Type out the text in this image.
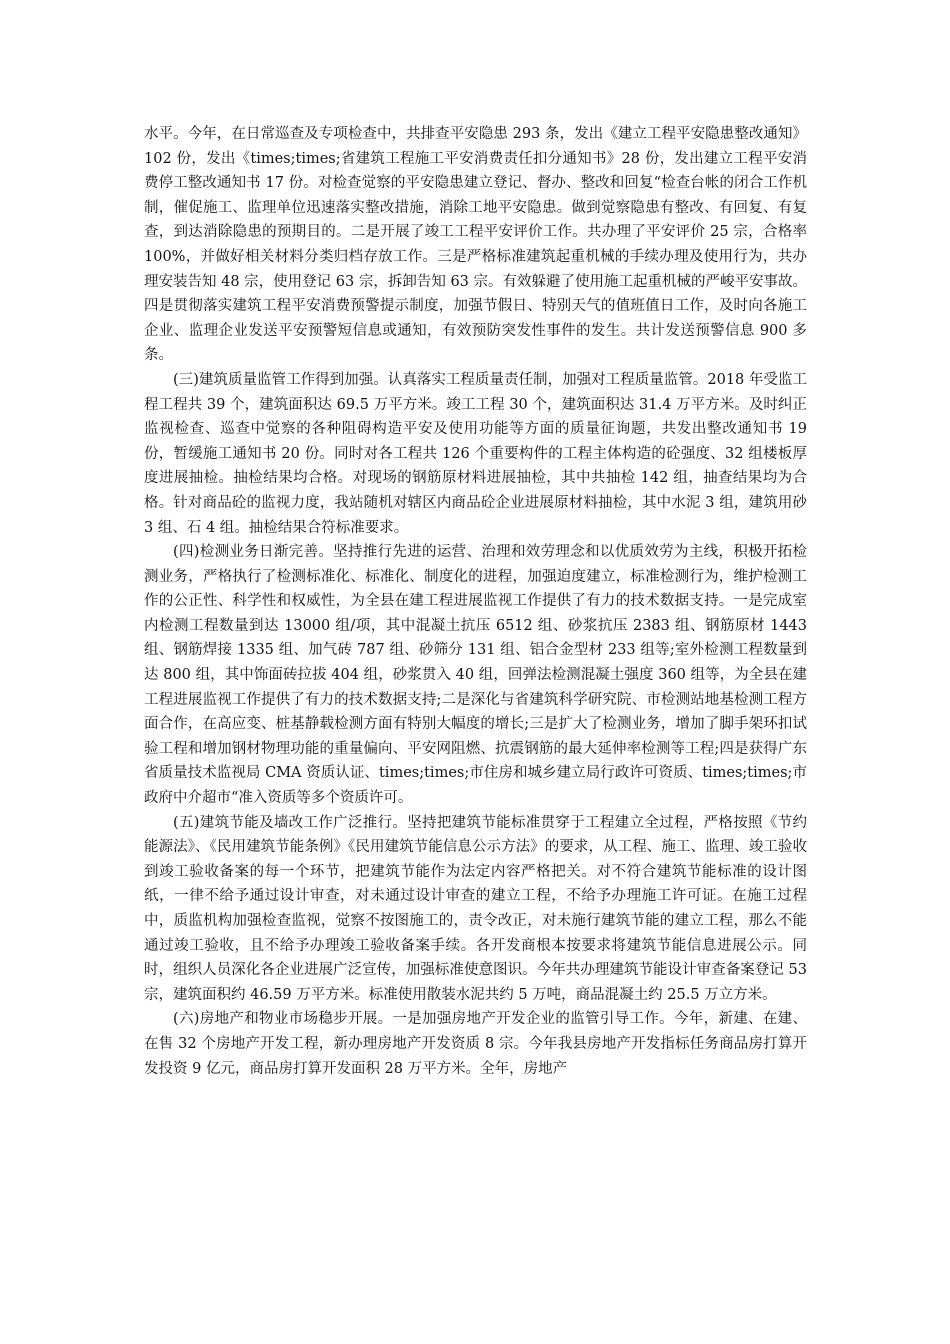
水平。今年，在日常巡查及专项检查中，共排查平安隐患 293 条，发出《建立工程平安隐患整改通知》102 份，发出《times;times;省建筑工程施工平安消费责任扣分通知书》28 份，发出建立工程平安消费停工整改通知书 17 份。对检查觉察的平安隐患建立登记、督办、整改和回复“检查台帐的闭合工作机制，催促施工、监理单位迅速落实整改措施，消除工地平安隐患。做到觉察隐患有整改、有回复、有复查，到达消除隐患的预期目的。二是开展了竣工工程平安评价工作。共办理了平安评价 25 宗，合格率 100%，并做好相关材料分类归档存放工作。三是严格标准建筑起重机械的手续办理及使用行为，共办理安装告知 48 宗，使用登记 63 宗，拆卸告知 63 宗。有效躲避了使用施工起重机械的严峻平安事故。四是贯彻落实建筑工程平安消费预警提示制度，加强节假日、特别天气的值班值日工作，及时向各施工企业、监理企业发送平安预警短信息或通知，有效预防突发性事件的发生。共计发送预警信息 900 多条。

(三)建筑质量监管工作得到加强。认真落实工程质量责任制，加强对工程质量监管。2018 年受监工程工程共 39 个，建筑面积达 69.5 万平方米。竣工工程 30 个，建筑面积达 31.4 万平方米。及时纠正监视检查、巡查中觉察的各种阻碍构造平安及使用功能等方面的质量征询题，共发出整改通知书 19 份，暂缓施工通知书 20 份。同时对各工程共 126 个重要构件的工程主体构造的砼强度、32 组楼板厚度进展抽检。抽检结果均合格。对现场的钢筋原材料进展抽检，其中共抽检 142 组，抽查结果均为合格。针对商品砼的监视力度，我站随机对辖区内商品砼企业进展原材料抽检，其中水泥 3 组，建筑用砂 3 组、石 4 组。抽检结果合符标准要求。

(四)检测业务日渐完善。坚持推行先进的运营、治理和效劳理念和以优质效劳为主线，积极开拓检测业务，严格执行了检测标准化、标准化、制度化的进程，加强迫度建立，标准检测行为，维护检测工作的公正性、科学性和权威性，为全县在建工程进展监视工作提供了有力的技术数据支持。一是完成室内检测工程数量到达 13000 组/项，其中混凝土抗压 6512 组、砂浆抗压 2383 组、钢筋原材 1443 组、钢筋焊接 1335 组、加气砖 787 组、砂筛分 131 组、铝合金型材 233 组等;室外检测工程数量到达 800 组，其中饰面砖拉拔 404 组，砂浆贯入 40 组，回弹法检测混凝土强度 360 组等，为全县在建工程进展监视工作提供了有力的技术数据支持;二是深化与省建筑科学研究院、市检测站地基检测工程方面合作，在高应变、桩基静载检测方面有特别大幅度的增长;三是扩大了检测业务，增加了脚手架环扣试验工程和增加钢材物理功能的重量偏向、平安网阻燃、抗震钢筋的最大延伸率检测等工程;四是获得广东省质量技术监视局 CMA 资质认证、times;times;市住房和城乡建立局行政许可资质、times;times;市政府中介超市“准入资质等多个资质许可。

(五)建筑节能及墙改工作广泛推行。坚持把建筑节能标准贯穿于工程建立全过程，严格按照《节约能源法》、《民用建筑节能条例》《民用建筑节能信息公示方法》的要求，从工程、施工、监理、竣工验收到竣工验收备案的每一个环节，把建筑节能作为法定内容严格把关。对不符合建筑节能标准的设计图纸，一律不给予通过设计审查，对未通过设计审查的建立工程，不给予办理施工许可证。在施工过程中，质监机构加强检查监视，觉察不按图施工的，责令改正，对未施行建筑节能的建立工程，那么不能通过竣工验收，且不给予办理竣工验收备案手续。各开发商根本按要求将建筑节能信息进展公示。同时，组织人员深化各企业进展广泛宣传，加强标准使意图识。今年共办理建筑节能设计审查备案登记 53 宗，建筑面积约 46.59 万平方米。标准使用散装水泥共约 5 万吨，商品混凝土约 25.5 万立方米。

(六)房地产和物业市场稳步开展。一是加强房地产开发企业的监管引导工作。今年，新建、在建、在售 32 个房地产开发工程，新办理房地产开发资质 8 宗。今年我县房地产开发指标任务商品房打算开发投资 9 亿元，商品房打算开发面积 28 万平方米。全年，房地产
